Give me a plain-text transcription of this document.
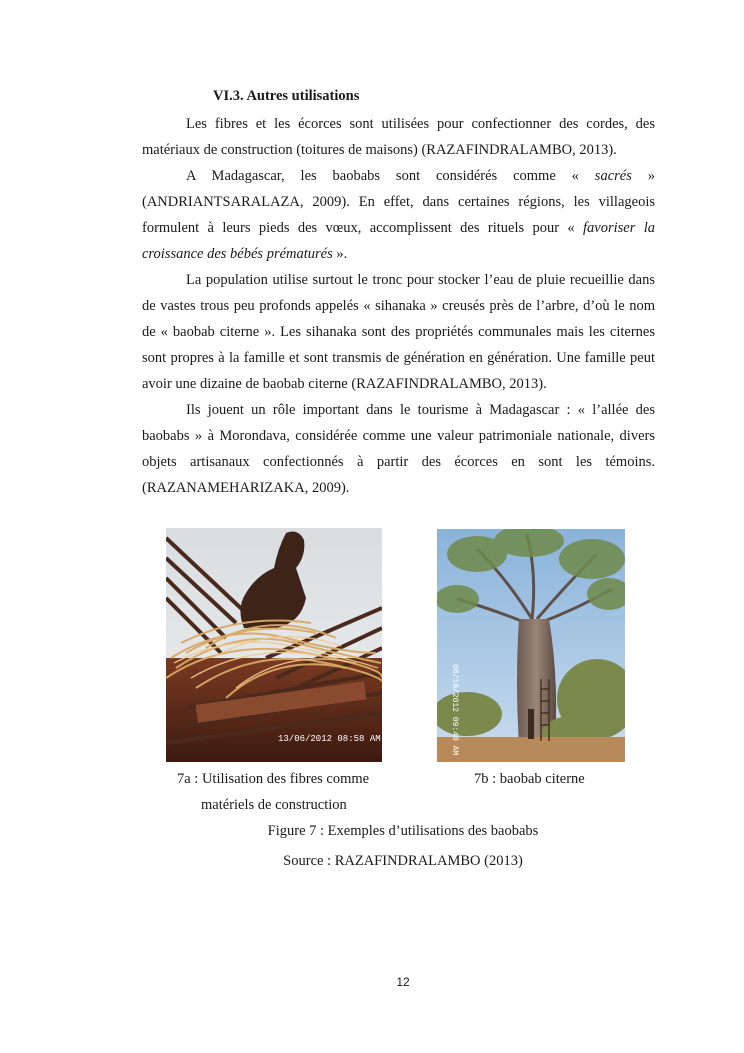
VI.3. Autres utilisations

Les fibres et les écorces sont utilisées pour confectionner des cordes, des matériaux de construction (toitures de maisons) (RAZAFINDRALAMBO, 2013).

A Madagascar, les baobabs sont considérés comme « sacrés » (ANDRIANTSARALAZA, 2009). En effet, dans certaines régions, les villageois formulent à leurs pieds des vœux, accomplissent des rituels pour « favoriser la croissance des bébés prématurés ».

La population utilise surtout le tronc pour stocker l’eau de pluie recueillie dans de vastes trous peu profonds appelés « sihanaka » creusés près de l’arbre, d’où le nom de « baobab citerne ». Les sihanaka sont des propriétés communales mais les citernes sont propres à la famille et sont transmis de génération en génération. Une famille peut avoir une dizaine de baobab citerne (RAZAFINDRALAMBO, 2013).

Ils jouent un rôle important dans le tourisme à Madagascar : « l’allée des baobabs » à Morondava, considérée comme une valeur patrimoniale nationale, divers objets artisanaux confectionnés à partir des écorces en sont les témoins. (RAZANAMEHARIZAKA, 2009).

13/06/2012 08:58 AM	08/10/2012 09:40 AM
7a : Utilisation des fibres comme
matériels de construction
7b : baobab citerne
Figure 7 : Exemples d’utilisations des baobabs
Source : RAZAFINDRALAMBO (2013)
12
